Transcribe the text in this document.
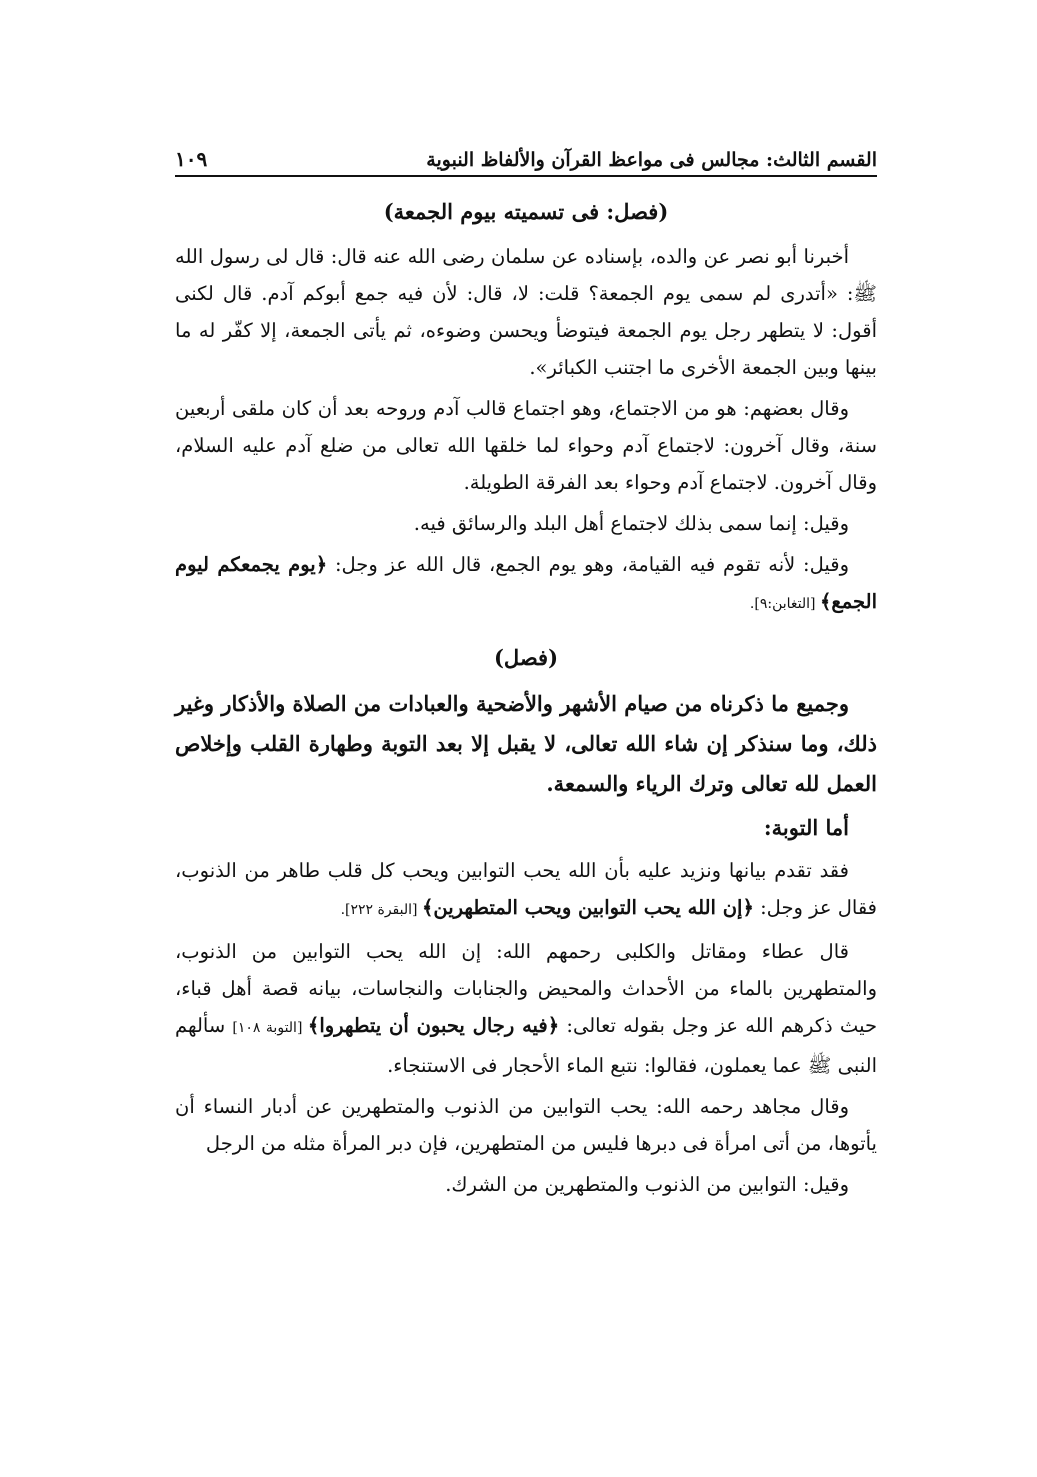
القسم الثالث: مجالس فى مواعظ القرآن والألفاظ النبوية
١٠٩
(فصل: فى تسميته بيوم الجمعة)

أخبرنا أبو نصر عن والده، بإسناده عن سلمان رضى الله عنه قال: قال لى رسول الله ﷺ: «أتدرى لم سمى يوم الجمعة؟ قلت: لا، قال: لأن فيه جمع أبوكم آدم. قال لكنى أقول: لا يتطهر رجل يوم الجمعة فيتوضأ ويحسن وضوءه، ثم يأتى الجمعة، إلا كفّر له ما بينها وبين الجمعة الأخرى ما اجتنب الكبائر».

وقال بعضهم: هو من الاجتماع، وهو اجتماع قالب آدم وروحه بعد أن كان ملقى أربعين سنة، وقال آخرون: لاجتماع آدم وحواء لما خلقها الله تعالى من ضلع آدم عليه السلام، وقال آخرون. لاجتماع آدم وحواء بعد الفرقة الطويلة.

وقيل: إنما سمى بذلك لاجتماع أهل البلد والرسائق فيه.

وقيل: لأنه تقوم فيه القيامة، وهو يوم الجمع، قال الله عز وجل: ﴿يوم يجمعكم ليوم الجمع﴾ [التغابن:٩].

(فصل)

وجميع ما ذكرناه من صيام الأشهر والأضحية والعبادات من الصلاة والأذكار وغير ذلك، وما سنذكر إن شاء الله تعالى، لا يقبل إلا بعد التوبة وطهارة القلب وإخلاص العمل لله تعالى وترك الرياء والسمعة.

أما التوبة:

فقد تقدم بيانها ونزيد عليه بأن الله يحب التوابين ويحب كل قلب طاهر من الذنوب، فقال عز وجل: ﴿إن الله يحب التوابين ويحب المتطهرين﴾ [البقرة ٢٢٢].

قال عطاء ومقاتل والكلبى رحمهم الله: إن الله يحب التوابين من الذنوب، والمتطهرين بالماء من الأحداث والمحيض والجنابات والنجاسات، بيانه قصة أهل قباء، حيث ذكرهم الله عز وجل بقوله تعالى: ﴿فيه رجال يحبون أن يتطهروا﴾ [التوبة ١٠٨] سألهم النبى ﷺ عما يعملون، فقالوا: نتبع الماء الأحجار فى الاستنجاء.

وقال مجاهد رحمه الله: يحب التوابين من الذنوب والمتطهرين عن أدبار النساء أن يأتوها، من أتى امرأة فى دبرها فليس من المتطهرين، فإن دبر المرأة مثله من الرجل

وقيل: التوابين من الذنوب والمتطهرين من الشرك.
